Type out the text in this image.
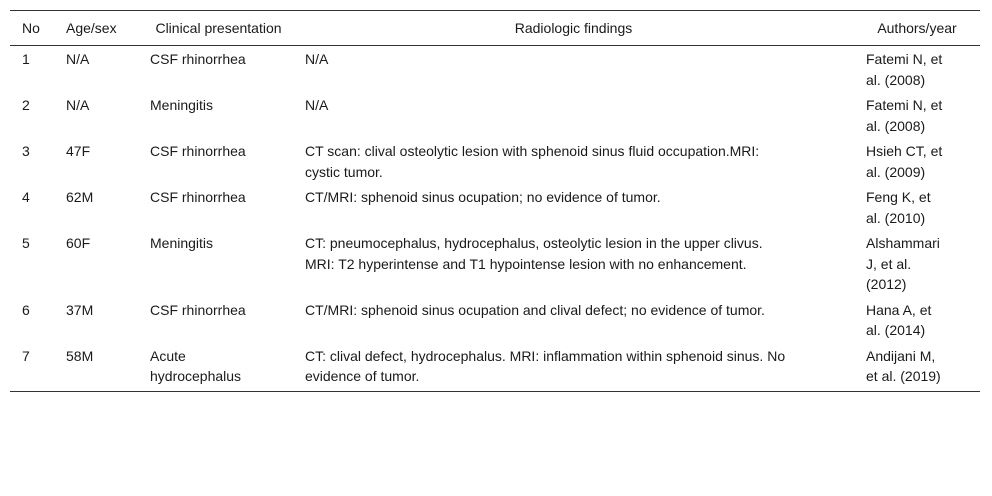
No	Age/sex	Clinical presentation	Radiologic findings	Authors/year
1	N/A	CSF rhinorrhea	N/A	Fatemi N, et al. (2008)
2	N/A	Meningitis	N/A	Fatemi N, et al. (2008)
3	47F	CSF rhinorrhea	CT scan: clival osteolytic lesion with sphenoid sinus fluid occupation.MRI: cystic tumor.	Hsieh CT, et al. (2009)
4	62M	CSF rhinorrhea	CT/MRI: sphenoid sinus ocupation; no evidence of tumor.	Feng K, et al. (2010)
5	60F	Meningitis	CT: pneumocephalus, hydrocephalus, osteolytic lesion in the upper clivus. MRI: T2 hyperintense and T1 hypointense lesion with no enhancement.	Alshammari J, et al. (2012)
6	37M	CSF rhinorrhea	CT/MRI: sphenoid sinus ocupation and clival defect; no evidence of tumor.	Hana A, et al. (2014)
7	58M	Acute hydrocephalus	CT: clival defect, hydrocephalus. MRI: inflammation within sphenoid sinus. No evidence of tumor.	Andijani M, et al. (2019)
